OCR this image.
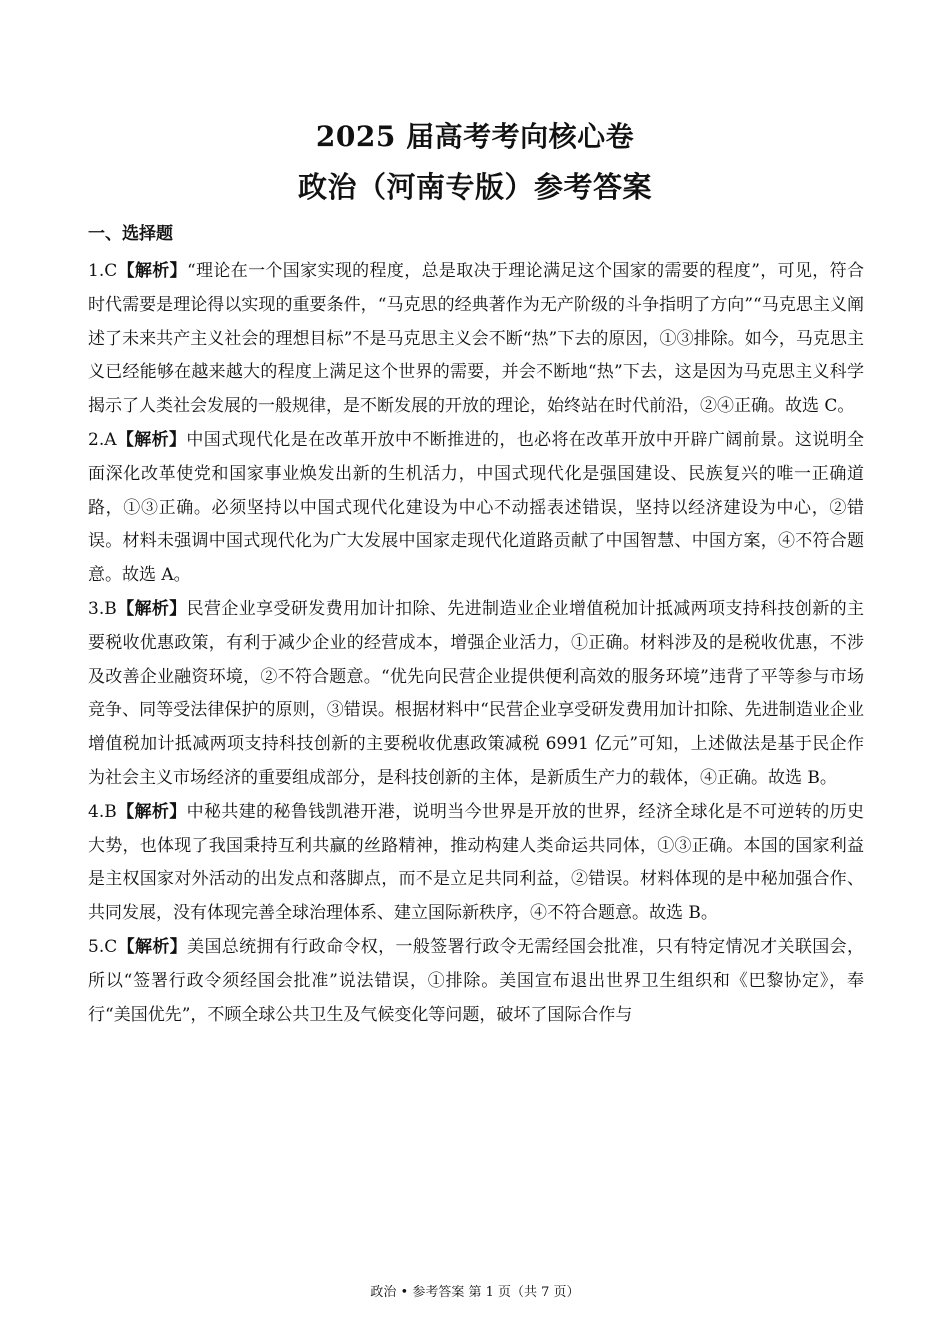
2025 届高考考向核心卷
政治（河南专版）参考答案
一、选择题

1.C【解析】“理论在一个国家实现的程度，总是取决于理论满足这个国家的需要的程度”，可见，符合时代需要是理论得以实现的重要条件，“马克思的经典著作为无产阶级的斗争指明了方向”“马克思主义阐述了未来共产主义社会的理想目标”不是马克思主义会不断“热”下去的原因，①③排除。如今，马克思主义已经能够在越来越大的程度上满足这个世界的需要，并会不断地“热”下去，这是因为马克思主义科学揭示了人类社会发展的一般规律，是不断发展的开放的理论，始终站在时代前沿，②④正确。故选 C。

2.A【解析】中国式现代化是在改革开放中不断推进的，也必将在改革开放中开辟广阔前景。这说明全面深化改革使党和国家事业焕发出新的生机活力，中国式现代化是强国建设、民族复兴的唯一正确道路，①③正确。必须坚持以中国式现代化建设为中心不动摇表述错误，坚持以经济建设为中心，②错误。材料未强调中国式现代化为广大发展中国家走现代化道路贡献了中国智慧、中国方案，④不符合题意。故选 A。

3.B【解析】民营企业享受研发费用加计扣除、先进制造业企业增值税加计抵减两项支持科技创新的主要税收优惠政策，有利于减少企业的经营成本，增强企业活力，①正确。材料涉及的是税收优惠，不涉及改善企业融资环境，②不符合题意。“优先向民营企业提供便利高效的服务环境”违背了平等参与市场竞争、同等受法律保护的原则，③错误。根据材料中“民营企业享受研发费用加计扣除、先进制造业企业增值税加计抵减两项支持科技创新的主要税收优惠政策减税 6991 亿元”可知，上述做法是基于民企作为社会主义市场经济的重要组成部分，是科技创新的主体，是新质生产力的载体，④正确。故选 B。

4.B【解析】中秘共建的秘鲁钱凯港开港，说明当今世界是开放的世界，经济全球化是不可逆转的历史大势，也体现了我国秉持互利共赢的丝路精神，推动构建人类命运共同体，①③正确。本国的国家利益是主权国家对外活动的出发点和落脚点，而不是立足共同利益，②错误。材料体现的是中秘加强合作、共同发展，没有体现完善全球治理体系、建立国际新秩序，④不符合题意。故选 B。

5.C【解析】美国总统拥有行政命令权，一般签署行政令无需经国会批准，只有特定情况才关联国会，所以“签署行政令须经国会批准”说法错误，①排除。美国宣布退出世界卫生组织和《巴黎协定》，奉行“美国优先”，不顾全球公共卫生及气候变化等问题，破坏了国际合作与

政治 • 参考答案 第 1 页（共 7 页）
